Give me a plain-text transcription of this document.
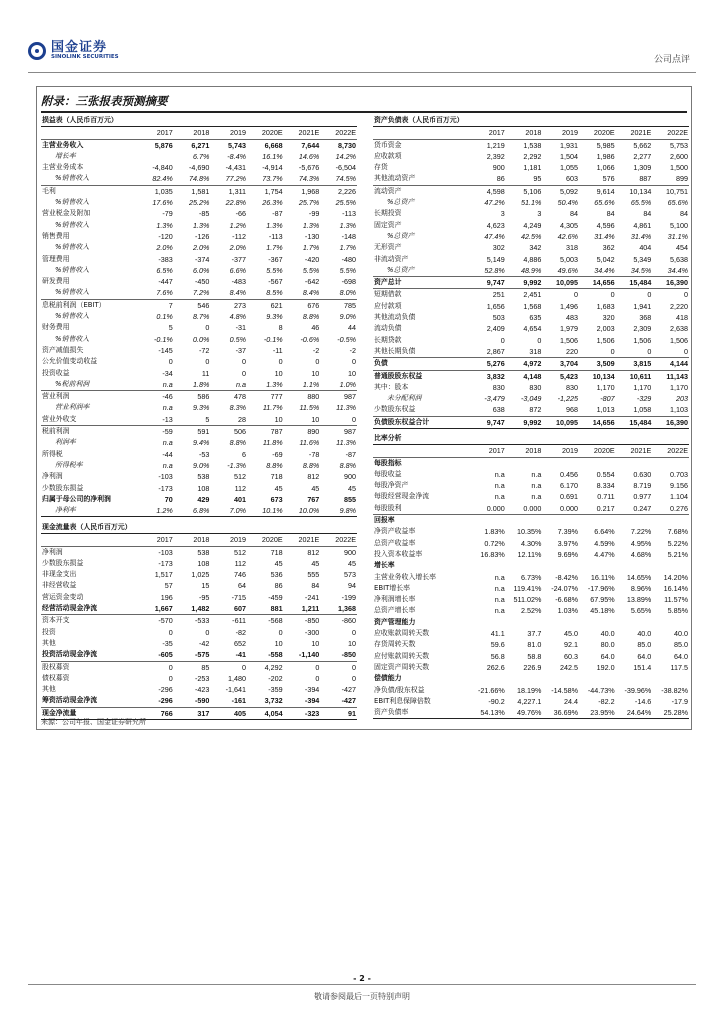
国金证券
SINOLINK SECURITIES	公司点评
附录：三张报表预测摘要
损益表（人民币百万元）						
	2017	2018	2019	2020E	2021E	2022E
主营业务收入	5,876	6,271	5,743	6,668	7,644	8,730
增长率		6.7%	-8.4%	16.1%	14.6%	14.2%
主营业务成本	-4,840	-4,690	-4,431	-4,914	-5,676	-6,504
%销售收入	82.4%	74.8%	77.2%	73.7%	74.3%	74.5%
毛利	1,035	1,581	1,311	1,754	1,968	2,226
%销售收入	17.6%	25.2%	22.8%	26.3%	25.7%	25.5%
营业税金及附加	-79	-85	-66	-87	-99	-113
%销售收入	1.3%	1.3%	1.2%	1.3%	1.3%	1.3%
销售费用	-120	-126	-112	-113	-130	-148
%销售收入	2.0%	2.0%	2.0%	1.7%	1.7%	1.7%
管理费用	-383	-374	-377	-367	-420	-480
%销售收入	6.5%	6.0%	6.6%	5.5%	5.5%	5.5%
研发费用	-447	-450	-483	-567	-642	-698
%销售收入	7.6%	7.2%	8.4%	8.5%	8.4%	8.0%
息税前利润（EBIT）	7	546	273	621	676	785
%销售收入	0.1%	8.7%	4.8%	9.3%	8.8%	9.0%
财务费用	5	0	-31	8	46	44
%销售收入	-0.1%	0.0%	0.5%	-0.1%	-0.6%	-0.5%
资产减值损失	-145	-72	-37	-11	-2	-2
公允价值变动收益	0	0	0	0	0	0
投资收益	-34	11	0	10	10	10
%税前利润	n.a	1.8%	n.a	1.3%	1.1%	1.0%
营业利润	-46	586	478	777	880	987
营业利润率	n.a	9.3%	8.3%	11.7%	11.5%	11.3%
营业外收支	-13	5	28	10	10	0
税前利润	-59	591	506	787	890	987
利润率	n.a	9.4%	8.8%	11.8%	11.6%	11.3%
所得税	-44	-53	6	-69	-78	-87
所得税率	n.a	9.0%	-1.3%	8.8%	8.8%	8.8%
净利润	-103	538	512	718	812	900
少数股东损益	-173	108	112	45	45	45
归属于母公司的净利润	70	429	401	673	767	855
净利率	1.2%	6.8%	7.0%	10.1%	10.0%	9.8%
资产负债表（人民币百万元）						
	2017	2018	2019	2020E	2021E	2022E
货币资金	1,219	1,538	1,931	5,985	5,662	5,753
应收款项	2,392	2,292	1,504	1,986	2,277	2,600
存货	900	1,181	1,055	1,066	1,309	1,500
其他流动资产	86	95	603	576	887	899
流动资产	4,598	5,106	5,092	9,614	10,134	10,751
%总资产	47.2%	51.1%	50.4%	65.6%	65.5%	65.6%
长期投资	3	3	84	84	84	84
固定资产	4,623	4,249	4,305	4,596	4,861	5,100
%总资产	47.4%	42.5%	42.6%	31.4%	31.4%	31.1%
无形资产	302	342	318	362	404	454
非流动资产	5,149	4,886	5,003	5,042	5,349	5,638
%总资产	52.8%	48.9%	49.6%	34.4%	34.5%	34.4%
资产总计	9,747	9,992	10,095	14,656	15,484	16,390
短期借款	251	2,451	0	0	0	0
应付款项	1,656	1,568	1,496	1,683	1,941	2,220
其他流动负债	503	635	483	320	368	418
流动负债	2,409	4,654	1,979	2,003	2,309	2,638
长期贷款	0	0	1,506	1,506	1,506	1,506
其他长期负债	2,867	318	220	0	0	0
负债	5,276	4,972	3,704	3,509	3,815	4,144
普通股股东权益	3,832	4,148	5,423	10,134	10,611	11,143
其中：股本	830	830	830	1,170	1,170	1,170
未分配利润	-3,479	-3,049	-1,225	-807	-329	203
少数股东权益	638	872	968	1,013	1,058	1,103
负债股东权益合计	9,747	9,992	10,095	14,656	15,484	16,390
现金流量表（人民币百万元）						
	2017	2018	2019	2020E	2021E	2022E
净利润	-103	538	512	718	812	900
少数股东损益	-173	108	112	45	45	45
非现金支出	1,517	1,025	746	536	555	573
非经营收益	57	15	64	86	84	94
营运资金变动	196	-95	-715	-459	-241	-199
经营活动现金净流	1,667	1,482	607	881	1,211	1,368
资本开支	-570	-533	-611	-568	-850	-860
投资	0	0	-82	0	-300	0
其他	-35	-42	652	10	10	10
投资活动现金净流	-605	-575	-41	-558	-1,140	-850
股权募资	0	85	0	4,292	0	0
债权募资	0	-253	1,480	-202	0	0
其他	-296	-423	-1,641	-359	-394	-427
筹资活动现金净流	-296	-590	-161	3,732	-394	-427
现金净流量	766	317	405	4,054	-323	91
比率分析						
	2017	2018	2019	2020E	2021E	2022E
每股指标						
每股收益	n.a	n.a	0.456	0.554	0.630	0.703
每股净资产	n.a	n.a	6.170	8.334	8.719	9.156
每股经营现金净流	n.a	n.a	0.691	0.711	0.977	1.104
每股股利	0.000	0.000	0.000	0.217	0.247	0.276
回报率						
净资产收益率	1.83%	10.35%	7.39%	6.64%	7.22%	7.68%
总资产收益率	0.72%	4.30%	3.97%	4.59%	4.95%	5.22%
投入资本收益率	16.83%	12.11%	9.69%	4.47%	4.68%	5.21%
增长率						
主营业务收入增长率	n.a	6.73%	-8.42%	16.11%	14.65%	14.20%
EBIT增长率	n.a	119.41%	-24.07%	-17.96%	8.96%	16.14%
净利润增长率	n.a	511.02%	-6.68%	67.95%	13.89%	11.57%
总资产增长率	n.a	2.52%	1.03%	45.18%	5.65%	5.85%
资产管理能力						
应收账款周转天数	41.1	37.7	45.0	40.0	40.0	40.0
存货周转天数	59.6	81.0	92.1	80.0	85.0	85.0
应付账款周转天数	56.8	58.8	60.3	64.0	64.0	64.0
固定资产周转天数	262.6	226.9	242.5	192.0	151.4	117.5
偿债能力						
净负债/股东权益	-21.66%	18.19%	-14.58%	-44.73%	-39.96%	-38.82%
EBIT利息保障倍数	-90.2	4,227.1	24.4	-82.2	-14.6	-17.9
资产负债率	54.13%	49.76%	36.69%	23.95%	24.64%	25.28%
来源：公司年报、国金证券研究所
- 2 -
敬请参阅最后一页特别声明
